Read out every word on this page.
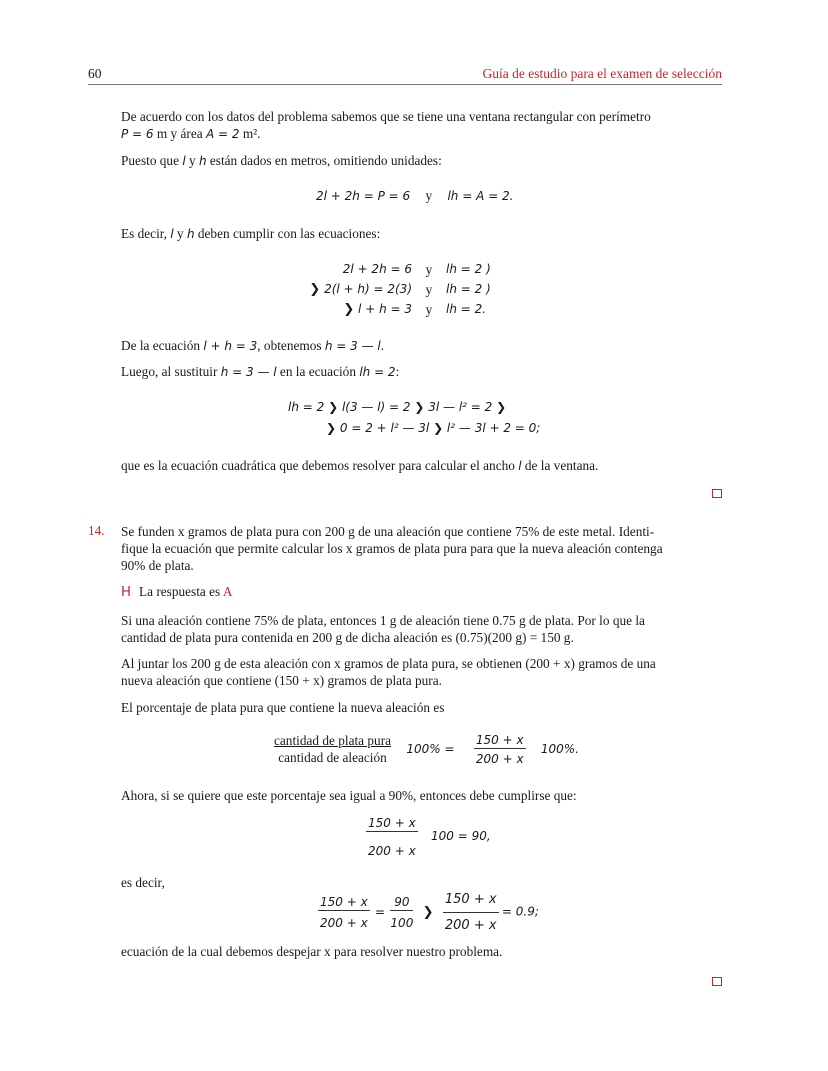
60	Guía de estudio para el examen de selección
De acuerdo con los datos del problema sabemos que se tiene una ventana rectangular con perímetro
P = 6 m y área A = 2 m².
Puesto que l y h están dados en metros, omitiendo unidades:
2l + 2h = P = 6 y lh = A = 2.
Es decir, l y h deben cumplir con las ecuaciones:
2l + 2h = 6	y	lh = 2 )
❯ 2(l + h) = 2(3)	y	lh = 2 )
❯ l + h = 3	y	lh = 2.
De la ecuación l + h = 3, obtenemos h = 3 — l.
Luego, al sustituir h = 3 — l en la ecuación lh = 2:
lh = 2 ❯ l(3 — l) = 2 ❯ 3l — l² = 2 ❯
❯ 0 = 2 + l² — 3l ❯ l² — 3l + 2 = 0;
que es la ecuación cuadrática que debemos resolver para calcular el ancho l de la ventana.
14. Se funden x gramos de plata pura con 200 g de una aleación que contiene 75% de este metal. Identi-
fique la ecuación que permite calcular los x gramos de plata pura para que la nueva aleación contenga
90% de plata.
H La respuesta es A
Si una aleación contiene 75% de plata, entonces 1 g de aleación tiene 0.75 g de plata. Por lo que la
cantidad de plata pura contenida en 200 g de dicha aleación es (0.75)(200 g) = 150 g.
Al juntar los 200 g de esta aleación con x gramos de plata pura, se obtienen (200 + x) gramos de una
nueva aleación que contiene (150 + x) gramos de plata pura.
El porcentaje de plata pura que contiene la nueva aleación es
$\frac{\text{cantidad de plata pura}}{\text{cantidad de aleación}} 100\% = \frac{150 + x}{200 + x} 100\%$.
Ahora, si se quiere que este porcentaje sea igual a 90%, entonces debe cumplirse que:
$\frac{150 + x}{200 + x} 100 = 90$,
es decir,
$\frac{150 + x}{200 + x} = \frac{90}{100}$ ❯ $\frac{150 + x}{200 + x} = 0.9$;
ecuación de la cual debemos despejar x para resolver nuestro problema.
